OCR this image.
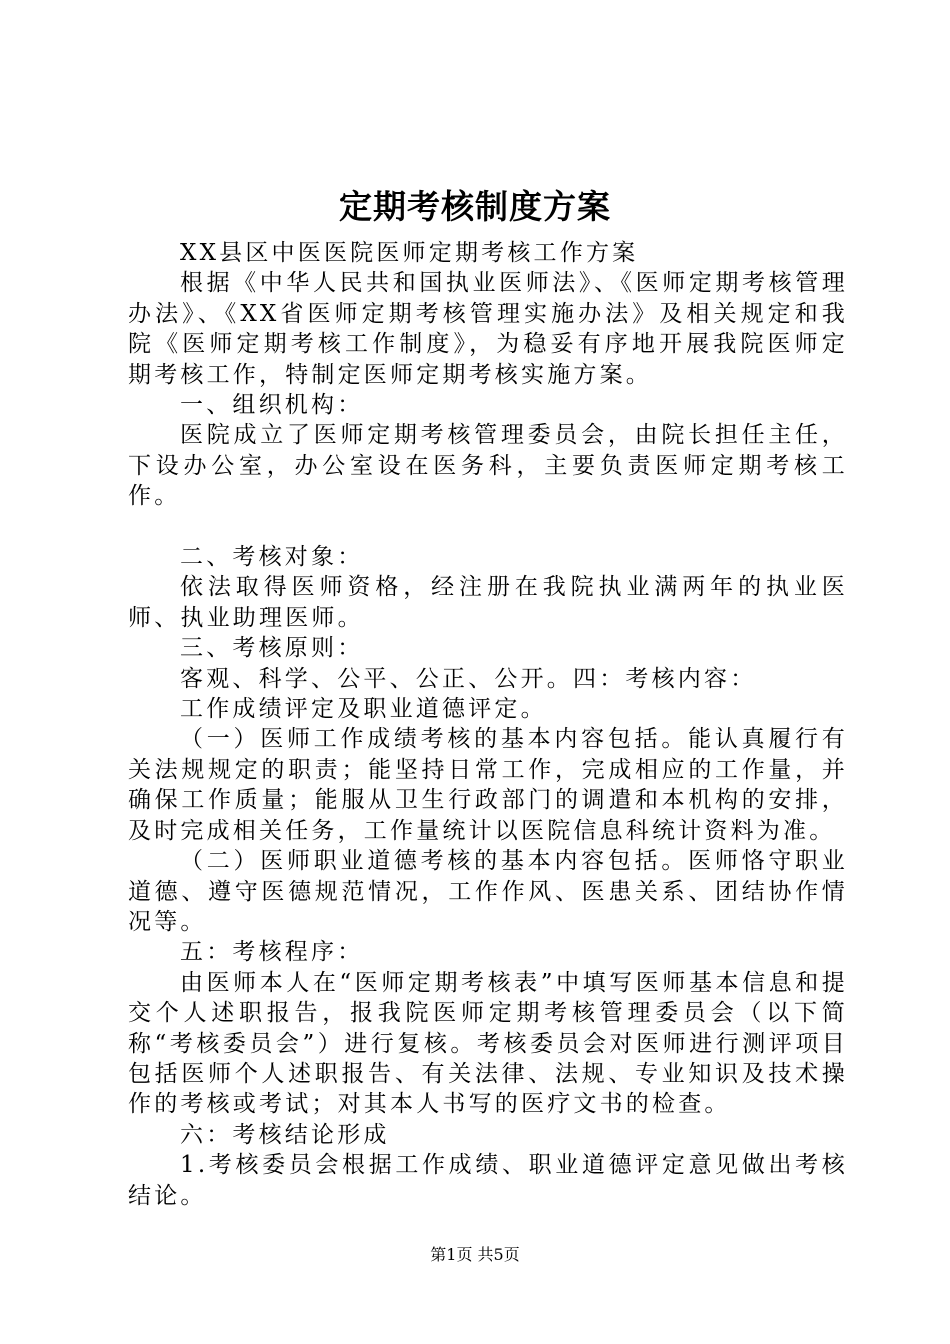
定期考核制度方案

XX县区中医医院医师定期考核工作方案

根据《中华人民共和国执业医师法》、《医师定期考核管理办法》、《XX省医师定期考核管理实施办法》及相关规定和我院《医师定期考核工作制度》，为稳妥有序地开展我院医师定期考核工作，特制定医师定期考核实施方案。

一、组织机构：

医院成立了医师定期考核管理委员会，由院长担任主任，下设办公室，办公室设在医务科，主要负责医师定期考核工作。

二、考核对象：

依法取得医师资格，经注册在我院执业满两年的执业医师、执业助理医师。

三、考核原则：

客观、科学、公平、公正、公开。四：考核内容：

工作成绩评定及职业道德评定。

（一）医师工作成绩考核的基本内容包括。能认真履行有关法规规定的职责；能坚持日常工作，完成相应的工作量，并确保工作质量；能服从卫生行政部门的调遣和本机构的安排，及时完成相关任务，工作量统计以医院信息科统计资料为准。

（二）医师职业道德考核的基本内容包括。医师恪守职业道德、遵守医德规范情况，工作作风、医患关系、团结协作情况等。

五：考核程序：

由医师本人在“医师定期考核表”中填写医师基本信息和提交个人述职报告，报我院医师定期考核管理委员会（以下简称“考核委员会”）进行复核。考核委员会对医师进行测评项目包括医师个人述职报告、有关法律、法规、专业知识及技术操作的考核或考试；对其本人书写的医疗文书的检查。

六：考核结论形成

1.考核委员会根据工作成绩、职业道德评定意见做出考核结论。

第1页 共5页
